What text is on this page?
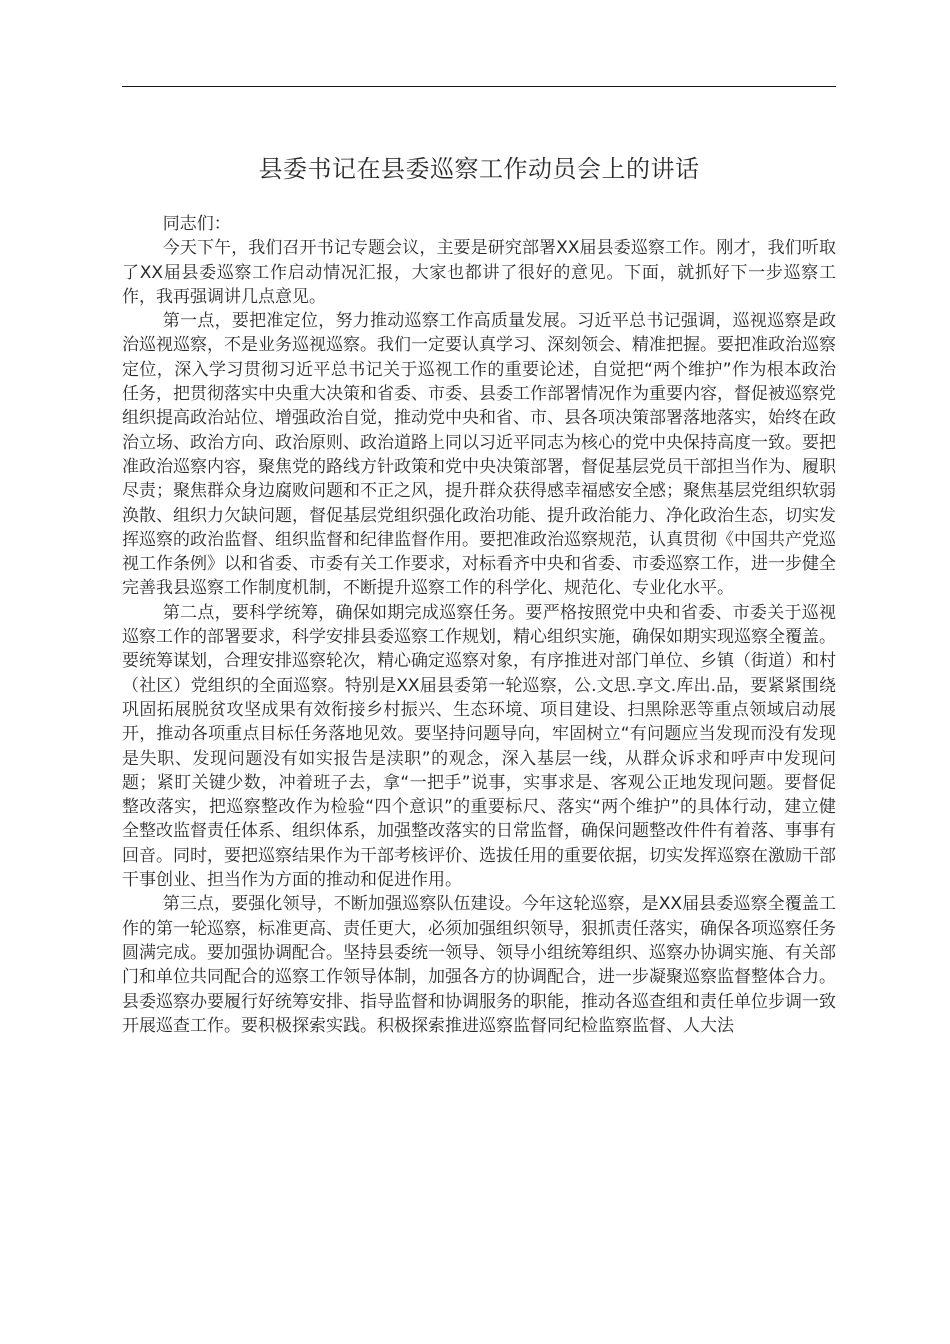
县委书记在县委巡察工作动员会上的讲话

同志们：

今天下午，我们召开书记专题会议，主要是研究部署XX届县委巡察工作。刚才，我们听取了XX届县委巡察工作启动情况汇报，大家也都讲了很好的意见。下面，就抓好下一步巡察工作，我再强调讲几点意见。

第一点，要把准定位，努力推动巡察工作高质量发展。习近平总书记强调，巡视巡察是政治巡视巡察，不是业务巡视巡察。我们一定要认真学习、深刻领会、精准把握。要把准政治巡察定位，深入学习贯彻习近平总书记关于巡视工作的重要论述，自觉把“两个维护”作为根本政治任务，把贯彻落实中央重大决策和省委、市委、县委工作部署情况作为重要内容，督促被巡察党组织提高政治站位、增强政治自觉，推动党中央和省、市、县各项决策部署落地落实，始终在政治立场、政治方向、政治原则、政治道路上同以习近平同志为核心的党中央保持高度一致。要把准政治巡察内容，聚焦党的路线方针政策和党中央决策部署，督促基层党员干部担当作为、履职尽责；聚焦群众身边腐败问题和不正之风，提升群众获得感幸福感安全感；聚焦基层党组织软弱涣散、组织力欠缺问题，督促基层党组织强化政治功能、提升政治能力、净化政治生态，切实发挥巡察的政治监督、组织监督和纪律监督作用。要把准政治巡察规范，认真贯彻《中国共产党巡视工作条例》以和省委、市委有关工作要求，对标看齐中央和省委、市委巡察工作，进一步健全完善我县巡察工作制度机制，不断提升巡察工作的科学化、规范化、专业化水平。

第二点，要科学统筹，确保如期完成巡察任务。要严格按照党中央和省委、市委关于巡视巡察工作的部署要求，科学安排县委巡察工作规划，精心组织实施，确保如期实现巡察全覆盖。要统筹谋划，合理安排巡察轮次，精心确定巡察对象，有序推进对部门单位、乡镇（街道）和村（社区）党组织的全面巡察。特别是XX届县委第一轮巡察，公.文思.享文.库出.品，要紧紧围绕巩固拓展脱贫攻坚成果有效衔接乡村振兴、生态环境、项目建设、扫黑除恶等重点领域启动展开，推动各项重点目标任务落地见效。要坚持问题导向，牢固树立“有问题应当发现而没有发现是失职、发现问题没有如实报告是渎职”的观念，深入基层一线，从群众诉求和呼声中发现问题；紧盯关键少数，冲着班子去，拿“一把手”说事，实事求是、客观公正地发现问题。要督促整改落实，把巡察整改作为检验“四个意识”的重要标尺、落实“两个维护”的具体行动，建立健全整改监督责任体系、组织体系，加强整改落实的日常监督，确保问题整改件件有着落、事事有回音。同时，要把巡察结果作为干部考核评价、选拔任用的重要依据，切实发挥巡察在激励干部干事创业、担当作为方面的推动和促进作用。

第三点，要强化领导，不断加强巡察队伍建设。今年这轮巡察，是XX届县委巡察全覆盖工作的第一轮巡察，标准更高、责任更大，必须加强组织领导，狠抓责任落实，确保各项巡察任务圆满完成。要加强协调配合。坚持县委统一领导、领导小组统筹组织、巡察办协调实施、有关部门和单位共同配合的巡察工作领导体制，加强各方的协调配合，进一步凝聚巡察监督整体合力。县委巡察办要履行好统筹安排、指导监督和协调服务的职能，推动各巡查组和责任单位步调一致开展巡查工作。要积极探索实践。积极探索推进巡察监督同纪检监察监督、人大法
